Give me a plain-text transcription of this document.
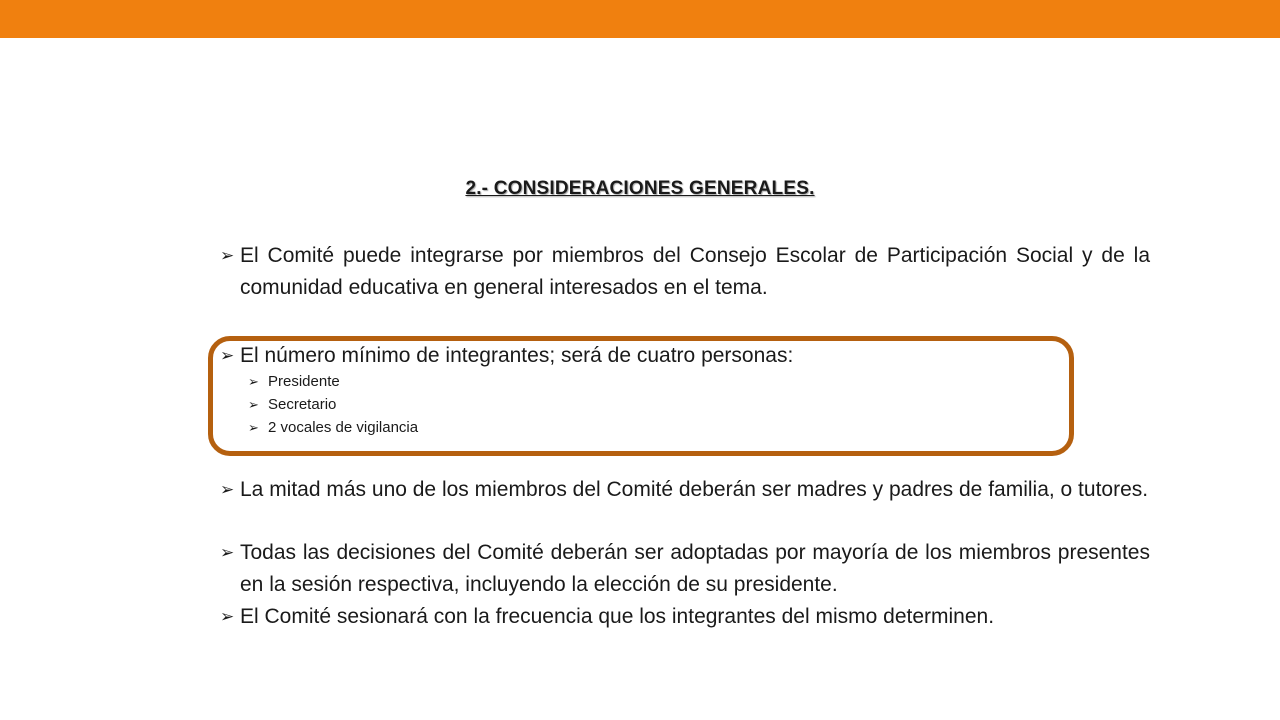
2.- CONSIDERACIONES GENERALES.
➢ El Comité puede integrarse por miembros del Consejo Escolar de Participación Social y de la comunidad educativa en general interesados en el tema.
➢ El número mínimo de integrantes; será de cuatro personas:
➢ Presidente
➢ Secretario
➢ 2 vocales de vigilancia
➢ La mitad más uno de los miembros del Comité deberán ser madres y padres de familia, o tutores.
➢ Todas las decisiones del Comité deberán ser adoptadas por mayoría de los miembros presentes en la sesión respectiva, incluyendo la elección de su presidente.
➢ El Comité sesionará con la frecuencia que los integrantes del mismo determinen.
